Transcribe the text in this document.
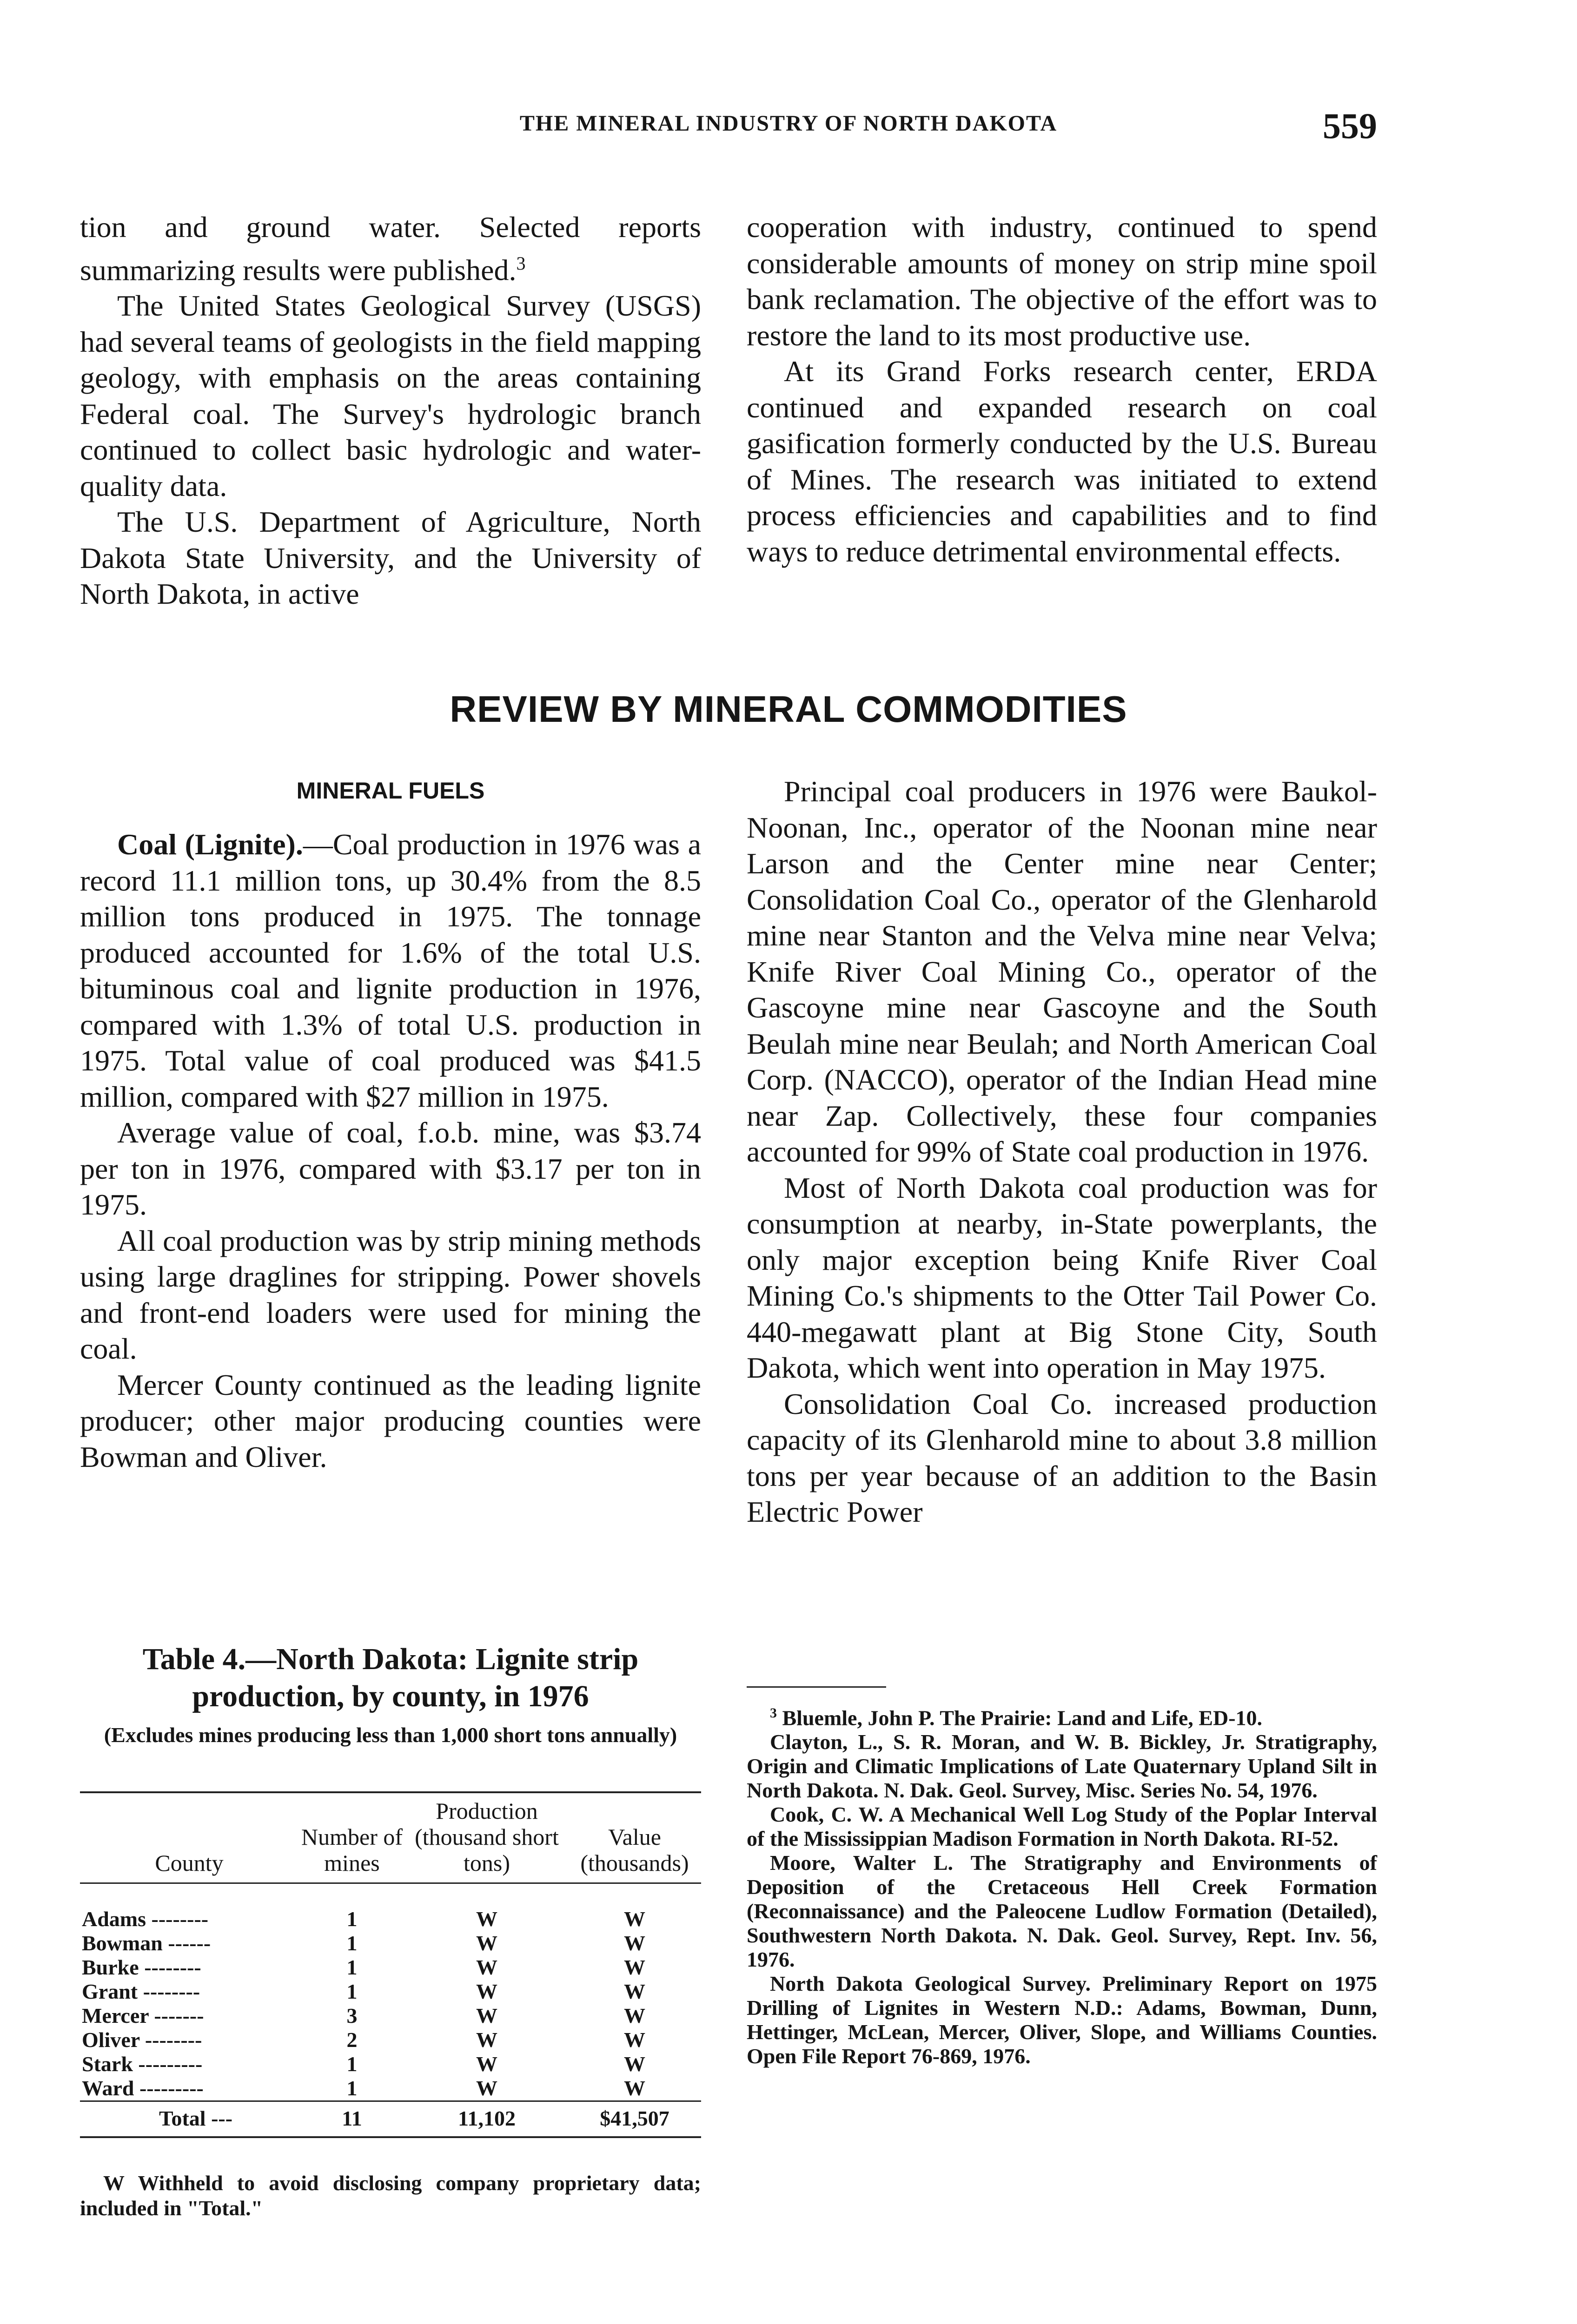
THE MINERAL INDUSTRY OF NORTH DAKOTA	559

tion and ground water. Selected reports summarizing results were published.$^3$

The United States Geological Survey (USGS) had several teams of geologists in the field mapping geology, with emphasis on the areas containing Federal coal. The Survey's hydrologic branch continued to collect basic hydrologic and water-quality data.

The U.S. Department of Agriculture, North Dakota State University, and the University of North Dakota, in active

cooperation with industry, continued to spend considerable amounts of money on strip mine spoil bank reclamation. The objective of the effort was to restore the land to its most productive use.

At its Grand Forks research center, ERDA continued and expanded research on coal gasification formerly conducted by the U.S. Bureau of Mines. The research was initiated to extend process efficiencies and capabilities and to find ways to reduce detrimental environmental effects.

REVIEW BY MINERAL COMMODITIES
MINERAL FUELS

Coal (Lignite).—Coal production in 1976 was a record 11.1 million tons, up 30.4% from the 8.5 million tons produced in 1975. The tonnage produced accounted for 1.6% of the total U.S. bituminous coal and lignite production in 1976, compared with 1.3% of total U.S. production in 1975. Total value of coal produced was $41.5 million, compared with $27 million in 1975.

Average value of coal, f.o.b. mine, was $3.74 per ton in 1976, compared with $3.17 per ton in 1975.

All coal production was by strip mining methods using large draglines for stripping. Power shovels and front-end loaders were used for mining the coal.

Mercer County continued as the leading lignite producer; other major producing counties were Bowman and Oliver.

Principal coal producers in 1976 were Baukol-Noonan, Inc., operator of the Noonan mine near Larson and the Center mine near Center; Consolidation Coal Co., operator of the Glenharold mine near Stanton and the Velva mine near Velva; Knife River Coal Mining Co., operator of the Gascoyne mine near Gascoyne and the South Beulah mine near Beulah; and North American Coal Corp. (NACCO), operator of the Indian Head mine near Zap. Collectively, these four companies accounted for 99% of State coal production in 1976.

Most of North Dakota coal production was for consumption at nearby, in-State powerplants, the only major exception being Knife River Coal Mining Co.'s shipments to the Otter Tail Power Co. 440-megawatt plant at Big Stone City, South Dakota, which went into operation in May 1975.

Consolidation Coal Co. increased production capacity of its Glenharold mine to about 3.8 million tons per year because of an addition to the Basin Electric Power

Table 4.—North Dakota: Lignite strip production, by county, in 1976
(Excludes mines producing less than 1,000 short tons annually)
County	Number of mines	Production (thousand short tons)	Value (thousands)
Adams --------	1	W	W
Bowman ------	1	W	W
Burke --------	1	W	W
Grant --------	1	W	W
Mercer -------	3	W	W
Oliver --------	2	W	W
Stark ---------	1	W	W
Ward ---------	1	W	W
Total ---	11	11,102	$41,507
W Withheld to avoid disclosing company proprietary data; included in "Total."

$^3$ Bluemle, John P. The Prairie: Land and Life, ED-10.

Clayton, L., S. R. Moran, and W. B. Bickley, Jr. Stratigraphy, Origin and Climatic Implications of Late Quaternary Upland Silt in North Dakota. N. Dak. Geol. Survey, Misc. Series No. 54, 1976.

Cook, C. W. A Mechanical Well Log Study of the Poplar Interval of the Mississippian Madison Formation in North Dakota. RI-52.

Moore, Walter L. The Stratigraphy and Environments of Deposition of the Cretaceous Hell Creek Formation (Reconnaissance) and the Paleocene Ludlow Formation (Detailed), Southwestern North Dakota. N. Dak. Geol. Survey, Rept. Inv. 56, 1976.

North Dakota Geological Survey. Preliminary Report on 1975 Drilling of Lignites in Western N.D.: Adams, Bowman, Dunn, Hettinger, McLean, Mercer, Oliver, Slope, and Williams Counties. Open File Report 76-869, 1976.
